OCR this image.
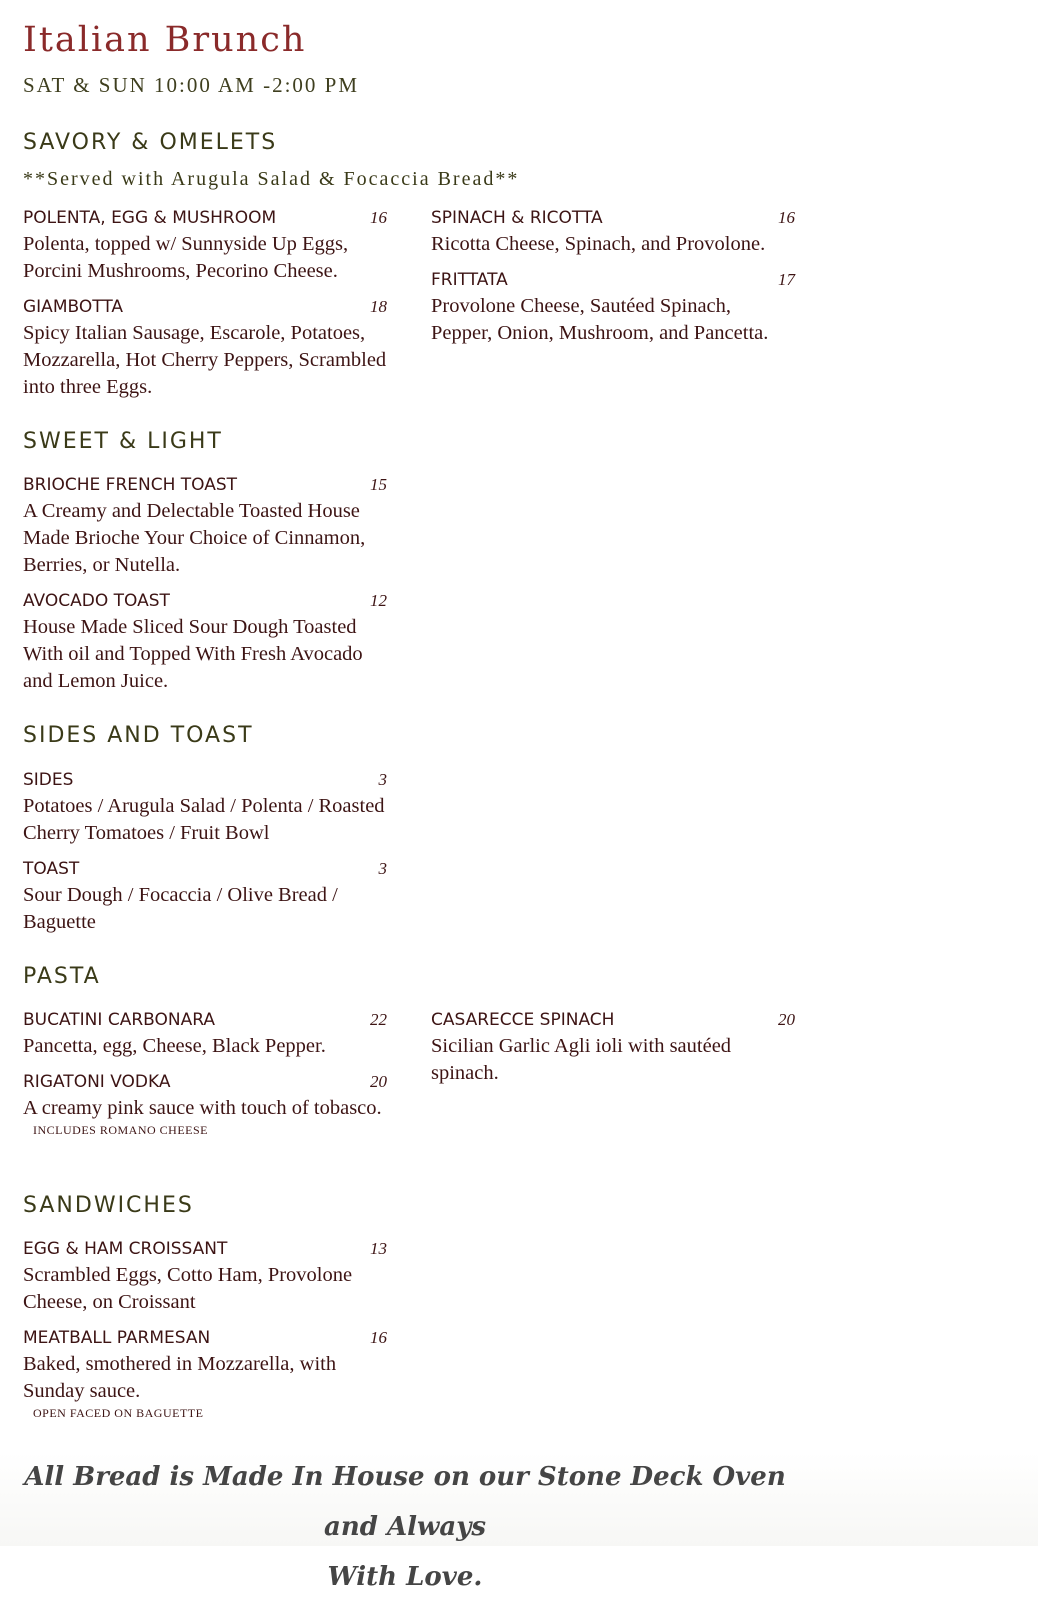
Italian Brunch
SAT & SUN 10:00 AM -2:00 PM
SAVORY & OMELETS
**Served with Arugula Salad & Focaccia Bread**
POLENTA, EGG & MUSHROOM	16
Polenta, topped w/ Sunnyside Up Eggs, Porcini Mushrooms, Pecorino Cheese.
GIAMBOTTA	18
Spicy Italian Sausage, Escarole, Potatoes, Mozzarella, Hot Cherry Peppers, Scrambled into three Eggs.
SPINACH & RICOTTA	16
Ricotta Cheese, Spinach, and Provolone.
FRITTATA	17
Provolone Cheese, Sautéed Spinach, Pepper, Onion, Mushroom, and Pancetta.
SWEET & LIGHT
BRIOCHE FRENCH TOAST	15
A Creamy and Delectable Toasted House Made Brioche Your Choice of Cinnamon, Berries, or Nutella.
AVOCADO TOAST	12
House Made Sliced Sour Dough Toasted With oil and Topped With Fresh Avocado and Lemon Juice.
SIDES AND TOAST
SIDES	3
Potatoes / Arugula Salad / Polenta / Roasted Cherry Tomatoes / Fruit Bowl
TOAST	3
Sour Dough / Focaccia / Olive Bread / Baguette
PASTA
BUCATINI CARBONARA	22
Pancetta, egg, Cheese, Black Pepper.
RIGATONI VODKA	20
A creamy pink sauce with touch of tobasco.
INCLUDES ROMANO CHEESE
CASARECCE SPINACH	20
Sicilian Garlic Agli ioli with sautéed spinach.
SANDWICHES
EGG & HAM CROISSANT	13
Scrambled Eggs, Cotto Ham, Provolone Cheese, on Croissant
MEATBALL PARMESAN	16
Baked, smothered in Mozzarella, with Sunday sauce.
OPEN FACED ON BAGUETTE
All Bread is Made In House on our Stone Deck Oven and Always
With Love.
